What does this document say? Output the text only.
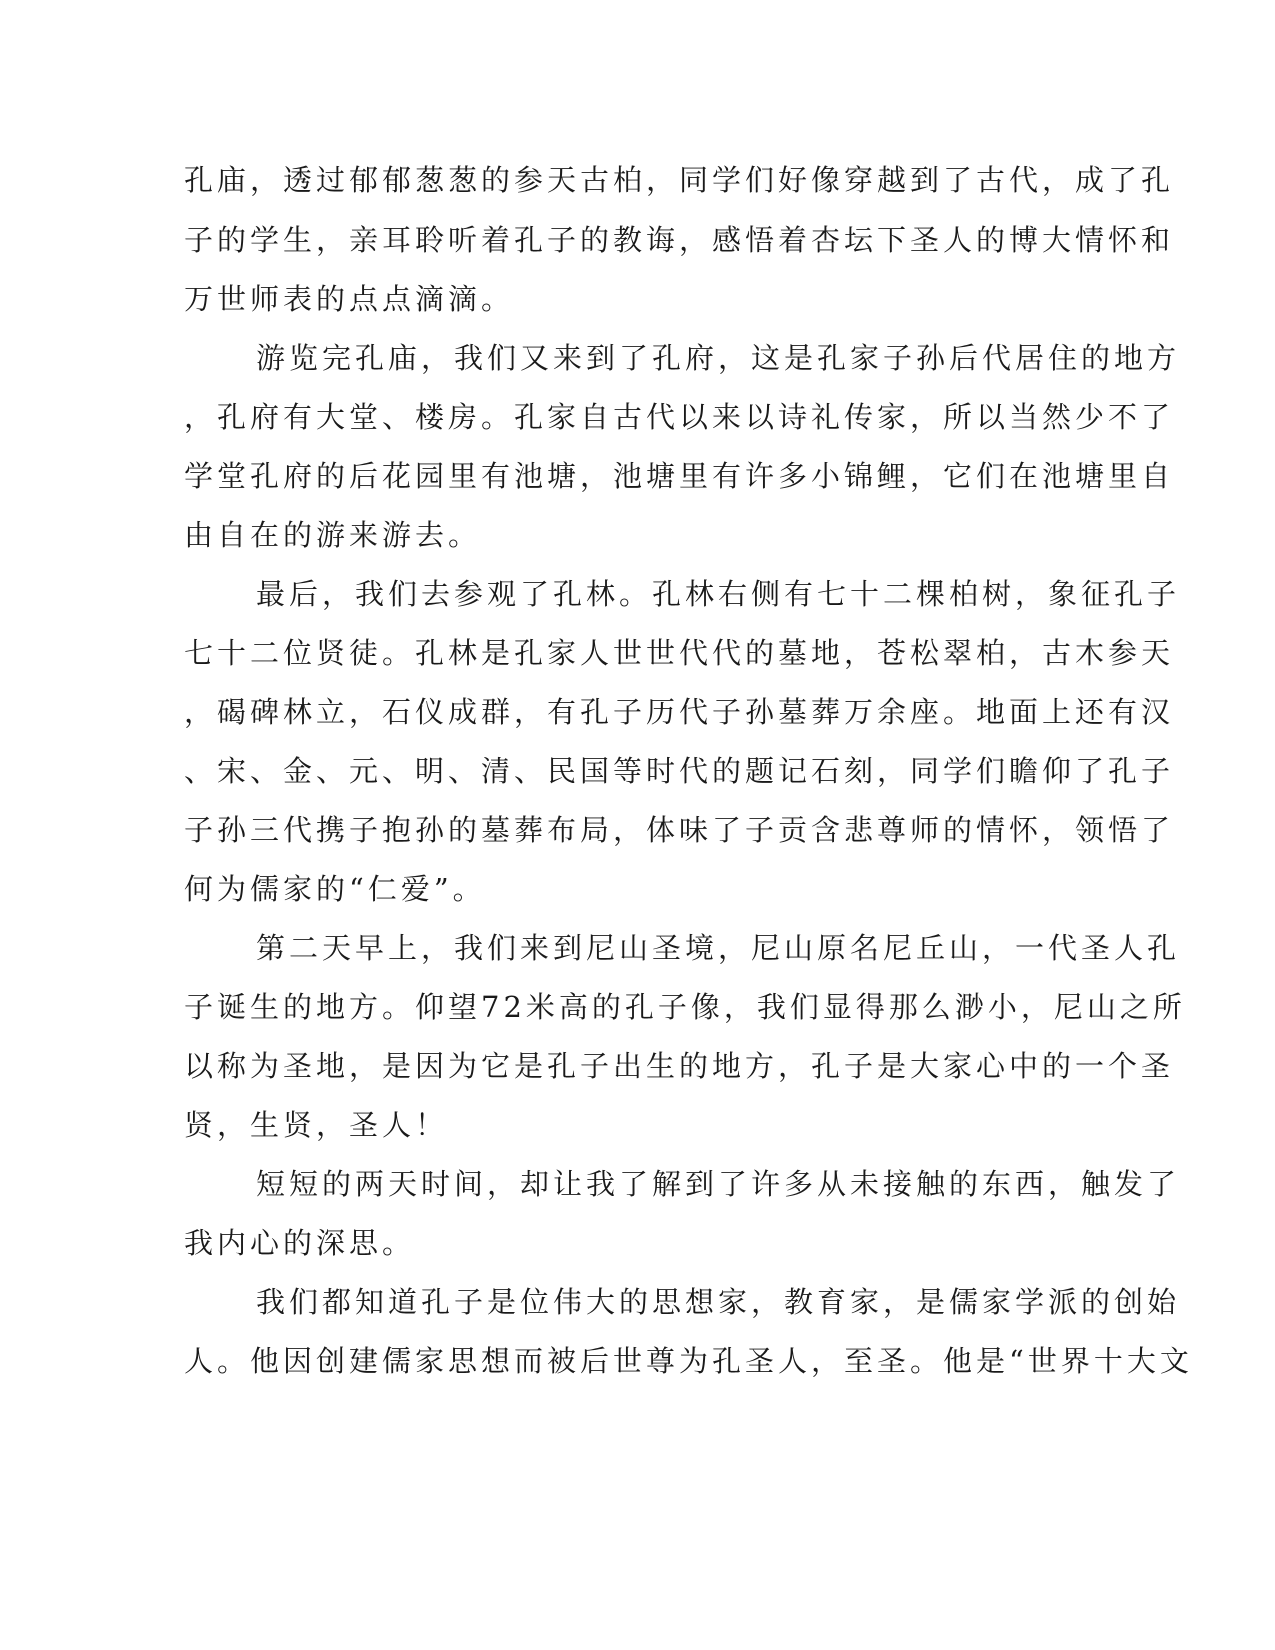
孔庙，透过郁郁葱葱的参天古柏，同学们好像穿越到了古代，成了孔

子的学生，亲耳聆听着孔子的教诲，感悟着杏坛下圣人的博大情怀和

万世师表的点点滴滴。

游览完孔庙，我们又来到了孔府，这是孔家子孙后代居住的地方

，孔府有大堂、楼房。孔家自古代以来以诗礼传家，所以当然少不了

学堂孔府的后花园里有池塘，池塘里有许多小锦鲤，它们在池塘里自

由自在的游来游去。

最后，我们去参观了孔林。孔林右侧有七十二棵柏树，象征孔子

七十二位贤徒。孔林是孔家人世世代代的墓地，苍松翠柏，古木参天

，碣碑林立，石仪成群，有孔子历代子孙墓葬万余座。地面上还有汉

、宋、金、元、明、清、民国等时代的题记石刻，同学们瞻仰了孔子

子孙三代携子抱孙的墓葬布局，体味了子贡含悲尊师的情怀，领悟了

何为儒家的“仁爱”。

第二天早上，我们来到尼山圣境，尼山原名尼丘山，一代圣人孔

子诞生的地方。仰望72米高的孔子像，我们显得那么渺小，尼山之所

以称为圣地，是因为它是孔子出生的地方，孔子是大家心中的一个圣

贤，生贤，圣人！

短短的两天时间，却让我了解到了许多从未接触的东西，触发了

我内心的深思。

我们都知道孔子是位伟大的思想家，教育家，是儒家学派的创始

人。他因创建儒家思想而被后世尊为孔圣人，至圣。他是“世界十大文
